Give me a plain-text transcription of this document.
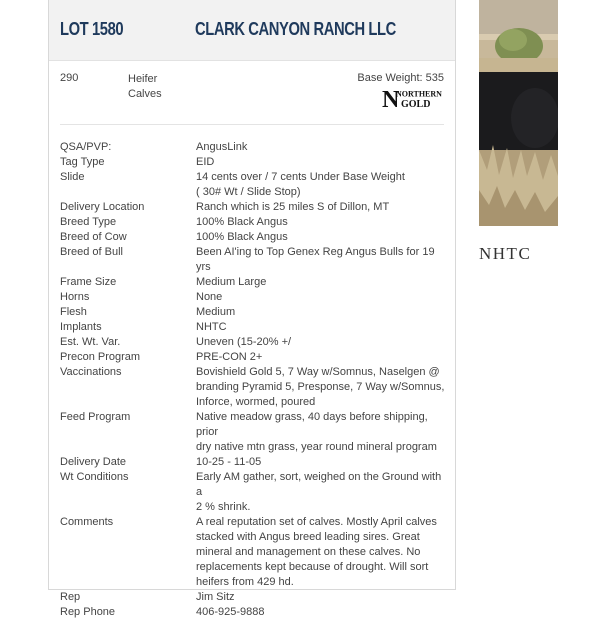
LOT 1580	CLARK CANYON RANCH LLC
290	Heifer
Calves
Base Weight: 535
N
NORTHERN
GOLD
QSA/PVP:	AngusLink
Tag Type	EID
Slide	14 cents over / 7 cents Under Base Weight
( 30# Wt / Slide Stop)
Delivery Location	Ranch which is 25 miles S of Dillon, MT
Breed Type	100% Black Angus
Breed of Cow	100% Black Angus
Breed of Bull	Been AI'ing to Top Genex Reg Angus Bulls for 19 yrs
Frame Size	Medium Large
Horns	None
Flesh	Medium
Implants	NHTC
Est. Wt. Var.	Uneven (15-20% +/
Precon Program	PRE-CON 2+
Vaccinations	Bovishield Gold 5, 7 Way w/Somnus, Naselgen @
branding Pyramid 5, Presponse, 7 Way w/Somnus,
Inforce, wormed, poured
Feed Program	Native meadow grass, 40 days before shipping, prior
dry native mtn grass, year round mineral program
Delivery Date	10-25 - 11-05
Wt Conditions	Early AM gather, sort, weighed on the Ground with a
2 % shrink.
Comments	A real reputation set of calves. Mostly April calves
stacked with Angus breed leading sires. Great
mineral and management on these calves. No
replacements kept because of drought. Will sort
heifers from 429 hd.
Rep	Jim Sitz
Rep Phone	406-925-9888
NHTC
